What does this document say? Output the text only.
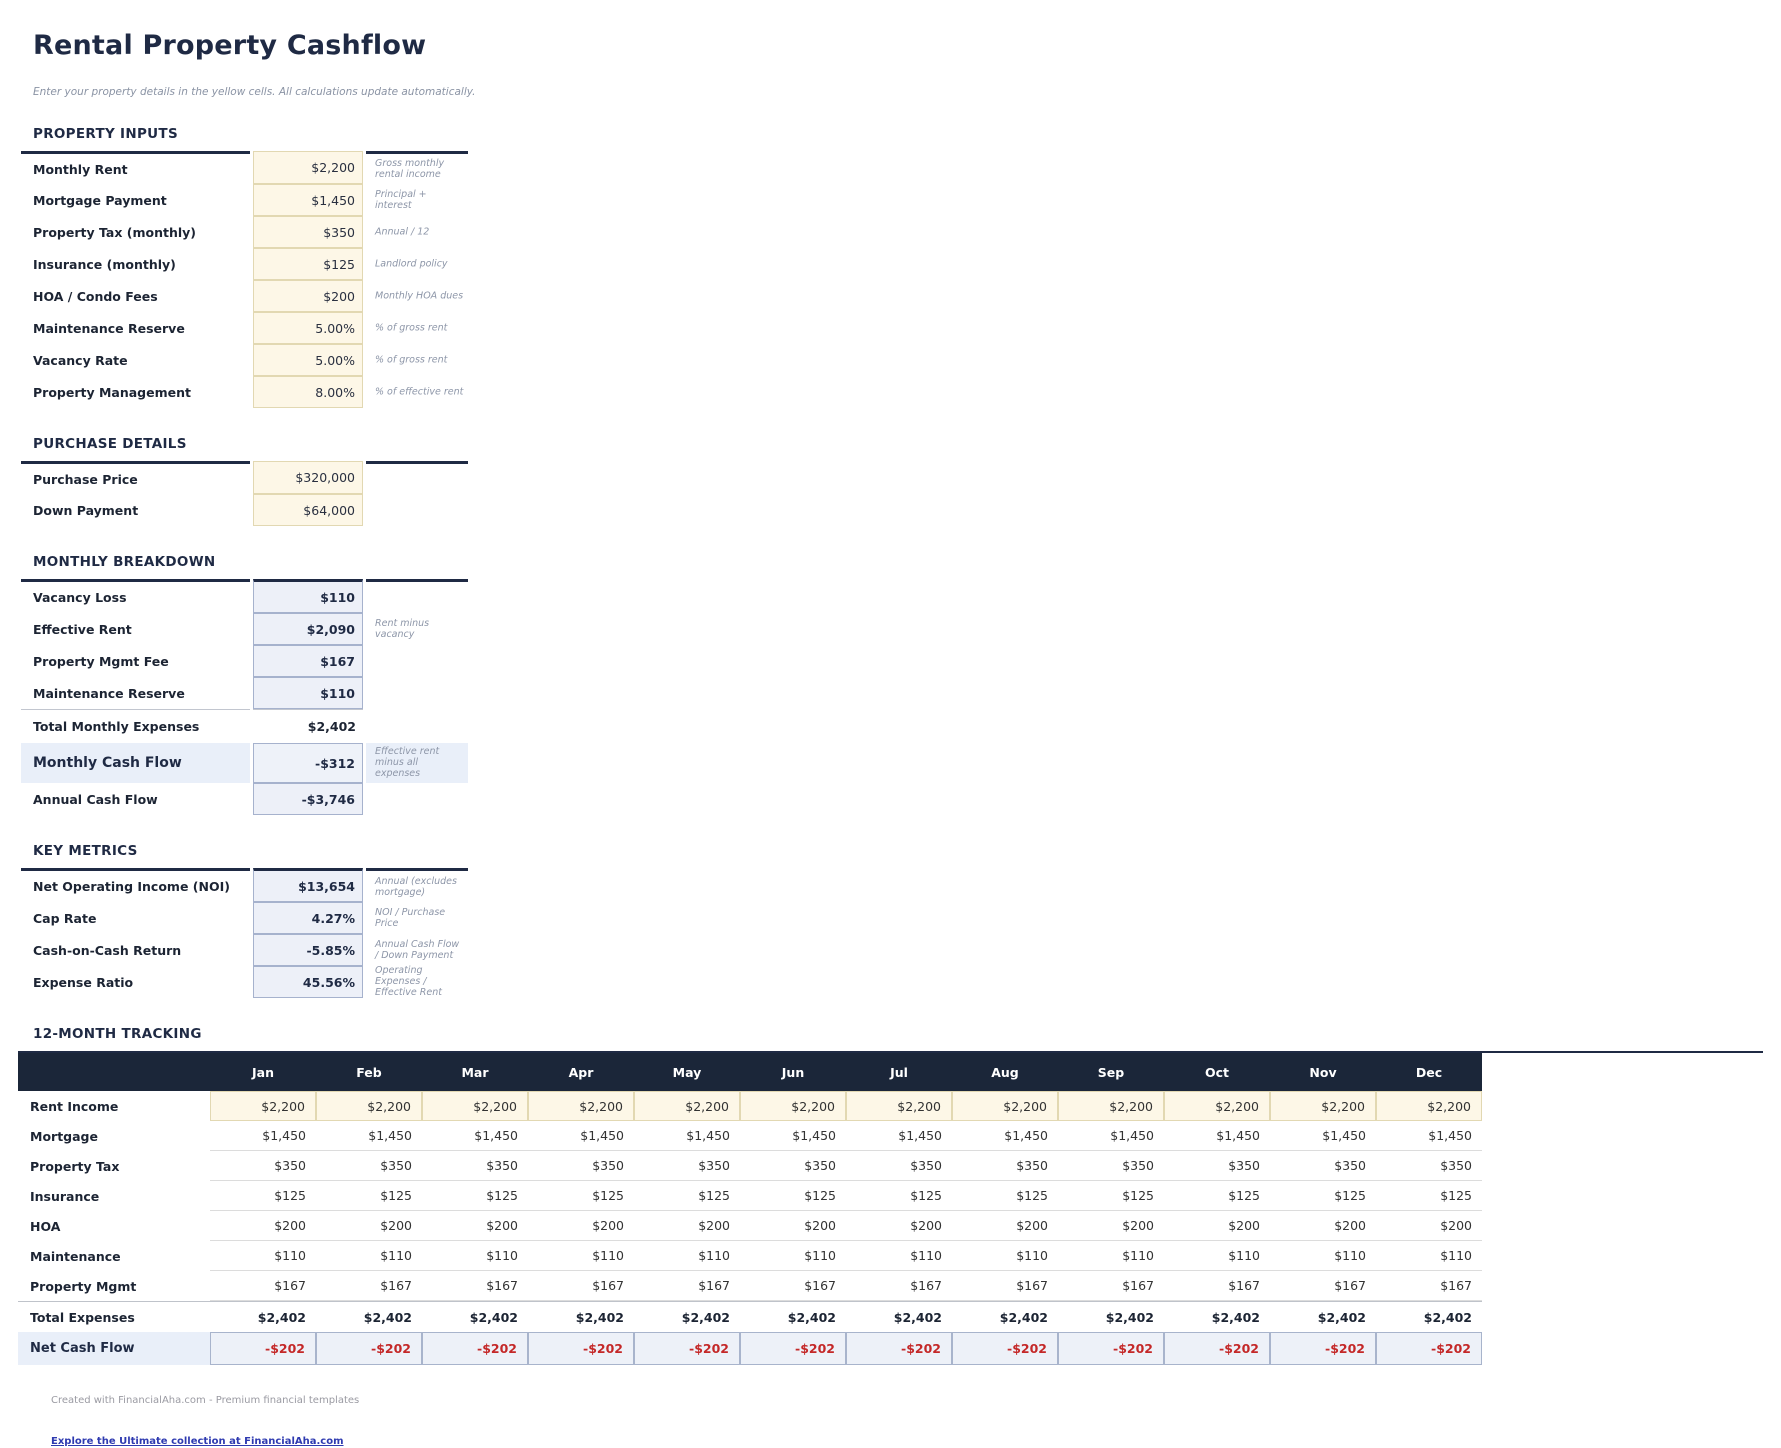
Rental Property Cashflow

Enter your property details in the yellow cells. All calculations update automatically.

PROPERTY INPUTS
Monthly Rent	$2,200	Gross monthly rental income

Mortgage Payment	$1,450	Principal + interest

Property Tax (monthly)	$350	Annual / 12

Insurance (monthly)	$125	Landlord policy

HOA / Condo Fees	$200	Monthly HOA dues

Maintenance Reserve	5.00%	% of gross rent

Vacancy Rate	5.00%	% of gross rent

Property Management	8.00%	% of effective rent
PURCHASE DETAILS
Purchase Price	$320,000	
Down Payment	$64,000	
MONTHLY BREAKDOWN
Vacancy Loss	$110	
Effective Rent	$2,090	Rent minus vacancy

Property Mgmt Fee	$167	
Maintenance Reserve	$110	
Total Monthly Expenses	$2,402	
Monthly Cash Flow	-$312	Effective rent minus all expenses

Annual Cash Flow	-$3,746	
KEY METRICS
Net Operating Income (NOI)	$13,654	Annual (excludes mortgage)

Cap Rate	4.27%	NOI / Purchase Price

Cash-on-Cash Return	-5.85%	Annual Cash Flow / Down Payment

Expense Ratio	45.56%	Operating Expenses / Effective Rent
12-MONTH TRACKING
	Jan	Feb	Mar	Apr	May	Jun	Jul	Aug	Sep	Oct	Nov	Dec	
Rent Income	$2,200	$2,200	$2,200	$2,200	$2,200	$2,200	$2,200	$2,200	$2,200	$2,200	$2,200	$2,200	
Mortgage	$1,450	$1,450	$1,450	$1,450	$1,450	$1,450	$1,450	$1,450	$1,450	$1,450	$1,450	$1,450	
Property Tax	$350	$350	$350	$350	$350	$350	$350	$350	$350	$350	$350	$350	
Insurance	$125	$125	$125	$125	$125	$125	$125	$125	$125	$125	$125	$125	
HOA	$200	$200	$200	$200	$200	$200	$200	$200	$200	$200	$200	$200	
Maintenance	$110	$110	$110	$110	$110	$110	$110	$110	$110	$110	$110	$110	
Property Mgmt	$167	$167	$167	$167	$167	$167	$167	$167	$167	$167	$167	$167	
Total Expenses	$2,402	$2,402	$2,402	$2,402	$2,402	$2,402	$2,402	$2,402	$2,402	$2,402	$2,402	$2,402	
Net Cash Flow	-$202	-$202	-$202	-$202	-$202	-$202	-$202	-$202	-$202	-$202	-$202	-$202	
Created with FinancialAha.com - Premium financial templates

Explore the Ultimate collection at FinancialAha.com
